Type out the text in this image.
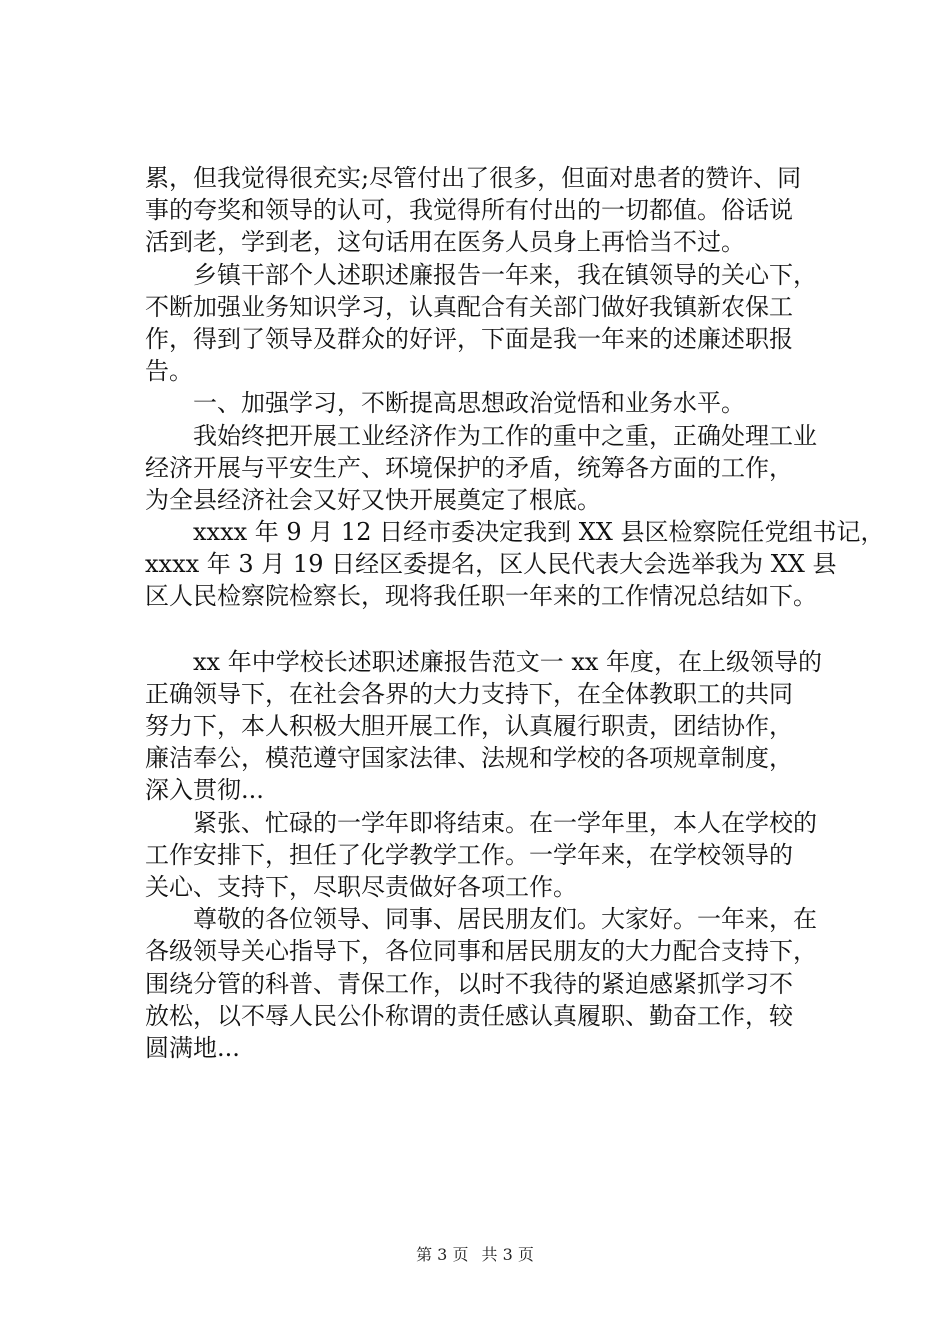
累，但我觉得很充实;尽管付出了很多，但面对患者的赞许、同
事的夸奖和领导的认可，我觉得所有付出的一切都值。俗话说
活到老，学到老，这句话用在医务人员身上再恰当不过。
　　乡镇干部个人述职述廉报告一年来，我在镇领导的关心下，
不断加强业务知识学习，认真配合有关部门做好我镇新农保工
作，得到了领导及群众的好评，下面是我一年来的述廉述职报
告。
　　一、加强学习，不断提高思想政治觉悟和业务水平。
　　我始终把开展工业经济作为工作的重中之重，正确处理工业
经济开展与平安生产、环境保护的矛盾，统筹各方面的工作，
为全县经济社会又好又快开展奠定了根底。
　　xxxx 年 9 月 12 日经市委决定我到 XX 县区检察院任党组书记，
xxxx 年 3 月 19 日经区委提名，区人民代表大会选举我为 XX 县
区人民检察院检察长，现将我任职一年来的工作情况总结如下。
　　xx 年中学校长述职述廉报告范文一 xx 年度，在上级领导的
正确领导下，在社会各界的大力支持下，在全体教职工的共同
努力下，本人积极大胆开展工作，认真履行职责，团结协作，
廉洁奉公，模范遵守国家法律、法规和学校的各项规章制度，
深入贯彻...
　　紧张、忙碌的一学年即将结束。在一学年里，本人在学校的
工作安排下，担任了化学教学工作。一学年来，在学校领导的
关心、支持下，尽职尽责做好各项工作。
　　尊敬的各位领导、同事、居民朋友们。大家好。一年来，在
各级领导关心指导下，各位同事和居民朋友的大力配合支持下，
围绕分管的科普、青保工作，以时不我待的紧迫感紧抓学习不
放松，以不辱人民公仆称谓的责任感认真履职、勤奋工作，较
圆满地...
第 3 页 共 3 页
